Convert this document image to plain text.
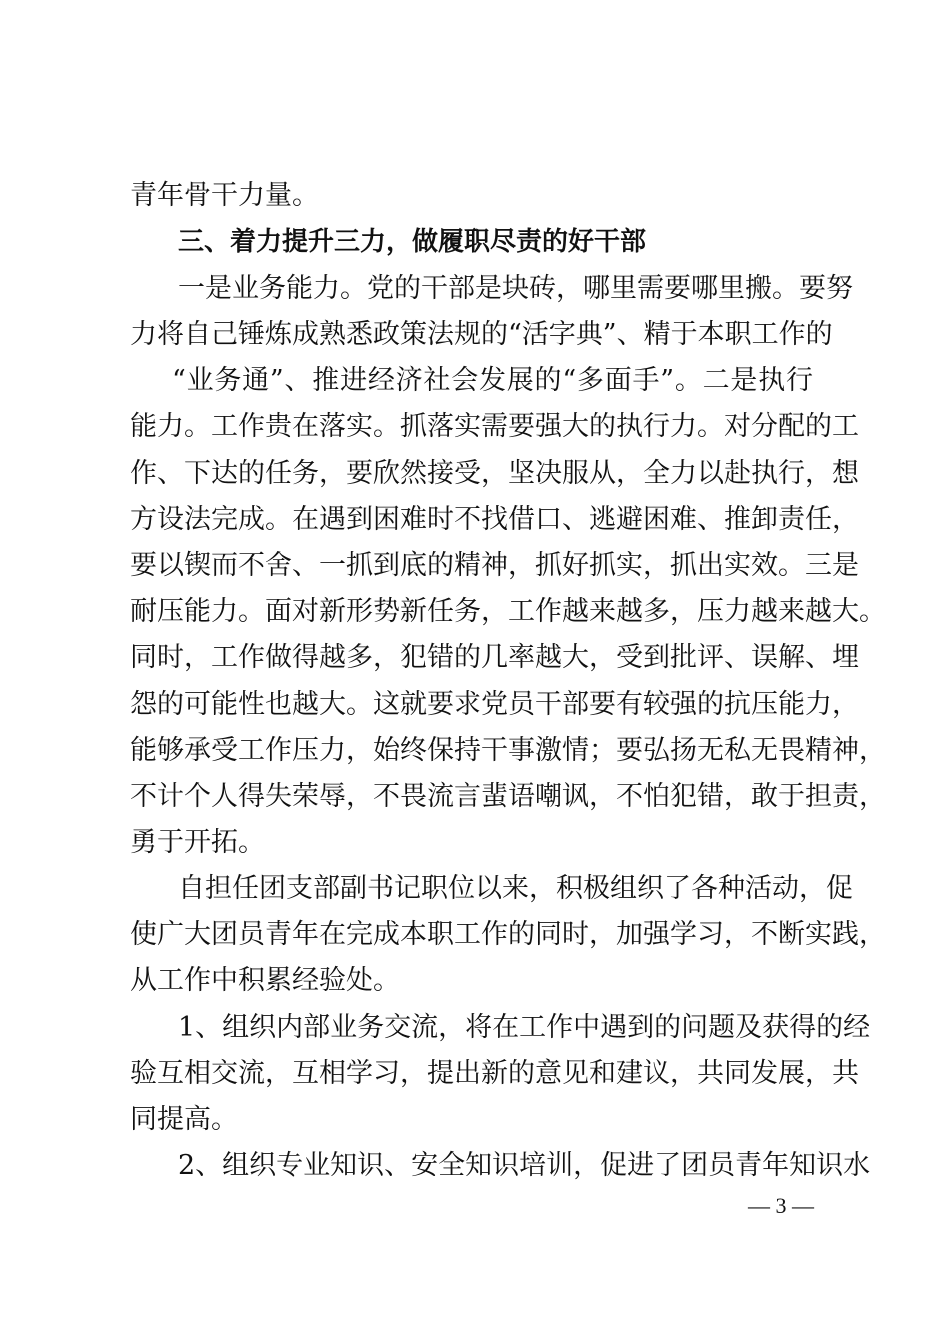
青年骨干力量。
三、着力提升三力，做履职尽责的好干部
一是业务能力。党的干部是块砖，哪里需要哪里搬。要努
力将自己锤炼成熟悉政策法规的“活字典”、精于本职工作的
“业务通”、推进经济社会发展的“多面手”。二是执行
能力。工作贵在落实。抓落实需要强大的执行力。对分配的工
作、下达的任务，要欣然接受，坚决服从，全力以赴执行，想
方设法完成。在遇到困难时不找借口、逃避困难、推卸责任，
要以锲而不舍、一抓到底的精神，抓好抓实，抓出实效。三是
耐压能力。面对新形势新任务，工作越来越多，压力越来越大。
同时，工作做得越多，犯错的几率越大，受到批评、误解、埋
怨的可能性也越大。这就要求党员干部要有较强的抗压能力，
能够承受工作压力，始终保持干事激情；要弘扬无私无畏精神，
不计个人得失荣辱，不畏流言蜚语嘲讽，不怕犯错，敢于担责，
勇于开拓。
自担任团支部副书记职位以来，积极组织了各种活动，促
使广大团员青年在完成本职工作的同时，加强学习，不断实践，
从工作中积累经验处。
1、组织内部业务交流，将在工作中遇到的问题及获得的经
验互相交流，互相学习，提出新的意见和建议，共同发展，共
同提高。
2、组织专业知识、安全知识培训，促进了团员青年知识水
— 3 —
